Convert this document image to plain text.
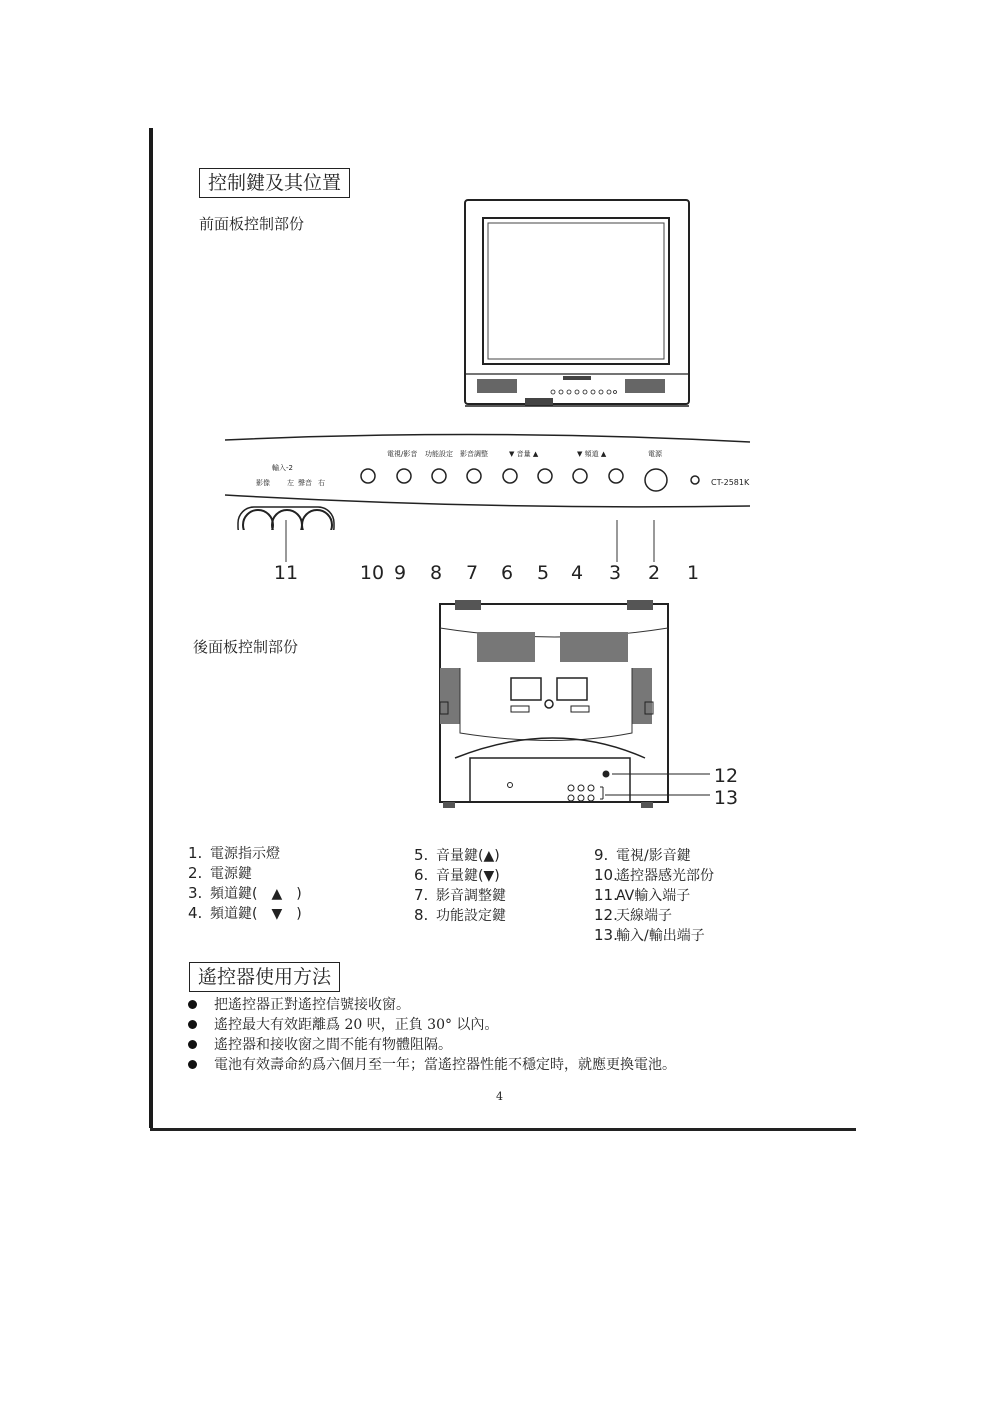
控制鍵及其位置
前面板控制部份
輸入-2
影像 左 聲音 右
電視/影音 功能設定 影音調整	▼ 音量 ▲	▼ 頻道 ▲	電源
CT-2581K
11	10 9	8	7	6	5	4	3	2	1
後面板控制部份
12
13
1. 電源指示燈
2. 電源鍵
3. 頻道鍵(　▲　)
4. 頻道鍵(　▼　)
5. 音量鍵(▲)
6. 音量鍵(▼)
7. 影音調整鍵
8. 功能設定鍵
9. 電視/影音鍵
10.遙控器感光部份
11.AV輸入端子
12.天線端子
13.輸入/輸出端子
遙控器使用方法
把遙控器正對遙控信號接收窗。
遙控最大有效距離爲 20 呎，正負 30° 以內。
遙控器和接收窗之間不能有物體阻隔。
電池有效壽命約爲六個月至一年；當遙控器性能不穩定時，就應更換電池。
4
